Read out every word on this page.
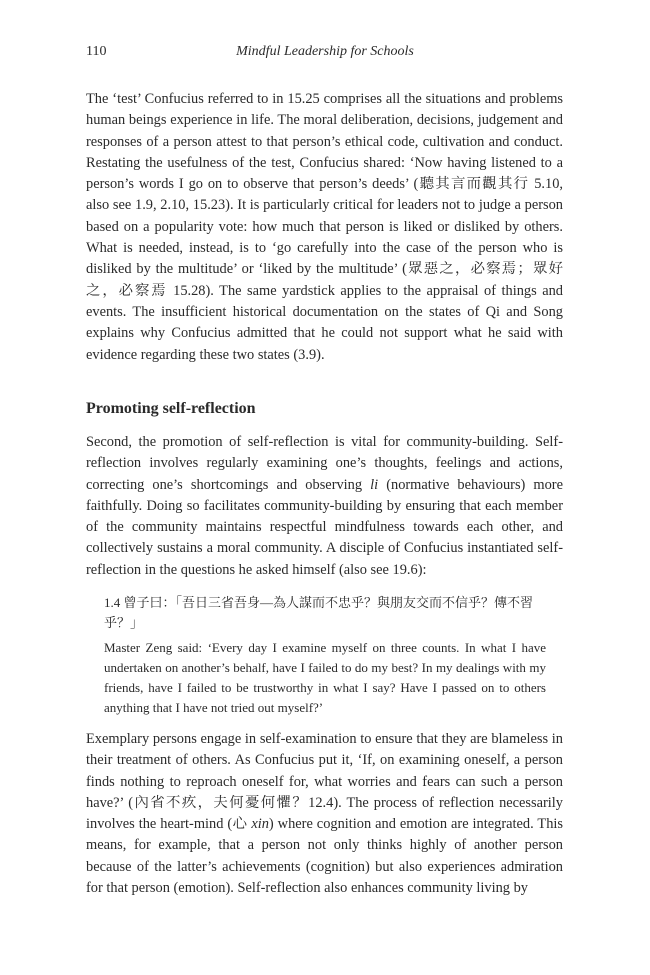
110	Mindful Leadership for Schools

The ‘test’ Confucius referred to in 15.25 comprises all the situations and problems human beings experience in life. The moral deliberation, decisions, judgement and responses of a person attest to that person’s ethical code, cultivation and conduct. Restating the usefulness of the test, Confucius shared: ‘Now having listened to a person’s words I go on to observe that person’s deeds’ (聽其言而觀其行 5.10, also see 1.9, 2.10, 15.23). It is particularly critical for leaders not to judge a person based on a popularity vote: how much that person is liked or disliked by others. What is needed, instead, is to ‘go carefully into the case of the person who is disliked by the multitude’ or ‘liked by the multitude’ (眾惡之，必察焉；眾好之，必察焉 15.28). The same yardstick applies to the appraisal of things and events. The insufficient historical documentation on the states of Qi and Song explains why Confucius admitted that he could not support what he said with evidence regarding these two states (3.9).

Promoting self-reflection

Second, the promotion of self-reflection is vital for community-building. Self-reflection involves regularly examining one’s thoughts, feelings and actions, correcting one’s shortcomings and observing li (normative behaviours) more faithfully. Doing so facilitates community-building by ensuring that each member of the community maintains respectful mindfulness towards each other, and collectively sustains a moral community. A disciple of Confucius instantiated self-reflection in the questions he asked himself (also see 19.6):

1.4 曾子曰：「吾日三省吾身—為人謀而不忠乎？與朋友交而不信乎？傳不習乎？」

Master Zeng said: ‘Every day I examine myself on three counts. In what I have undertaken on another’s behalf, have I failed to do my best? In my dealings with my friends, have I failed to be trustworthy in what I say? Have I passed on to others anything that I have not tried out myself?’

Exemplary persons engage in self-examination to ensure that they are blameless in their treatment of others. As Confucius put it, ‘If, on examining oneself, a person finds nothing to reproach oneself for, what worries and fears can such a person have?’ (內省不疚，夫何憂何懼？12.4). The process of reflection necessarily involves the heart-mind (心 xin) where cognition and emotion are integrated. This means, for example, that a person not only thinks highly of another person because of the latter’s achievements (cognition) but also experiences admiration for that person (emotion). Self-reflection also enhances community living by
